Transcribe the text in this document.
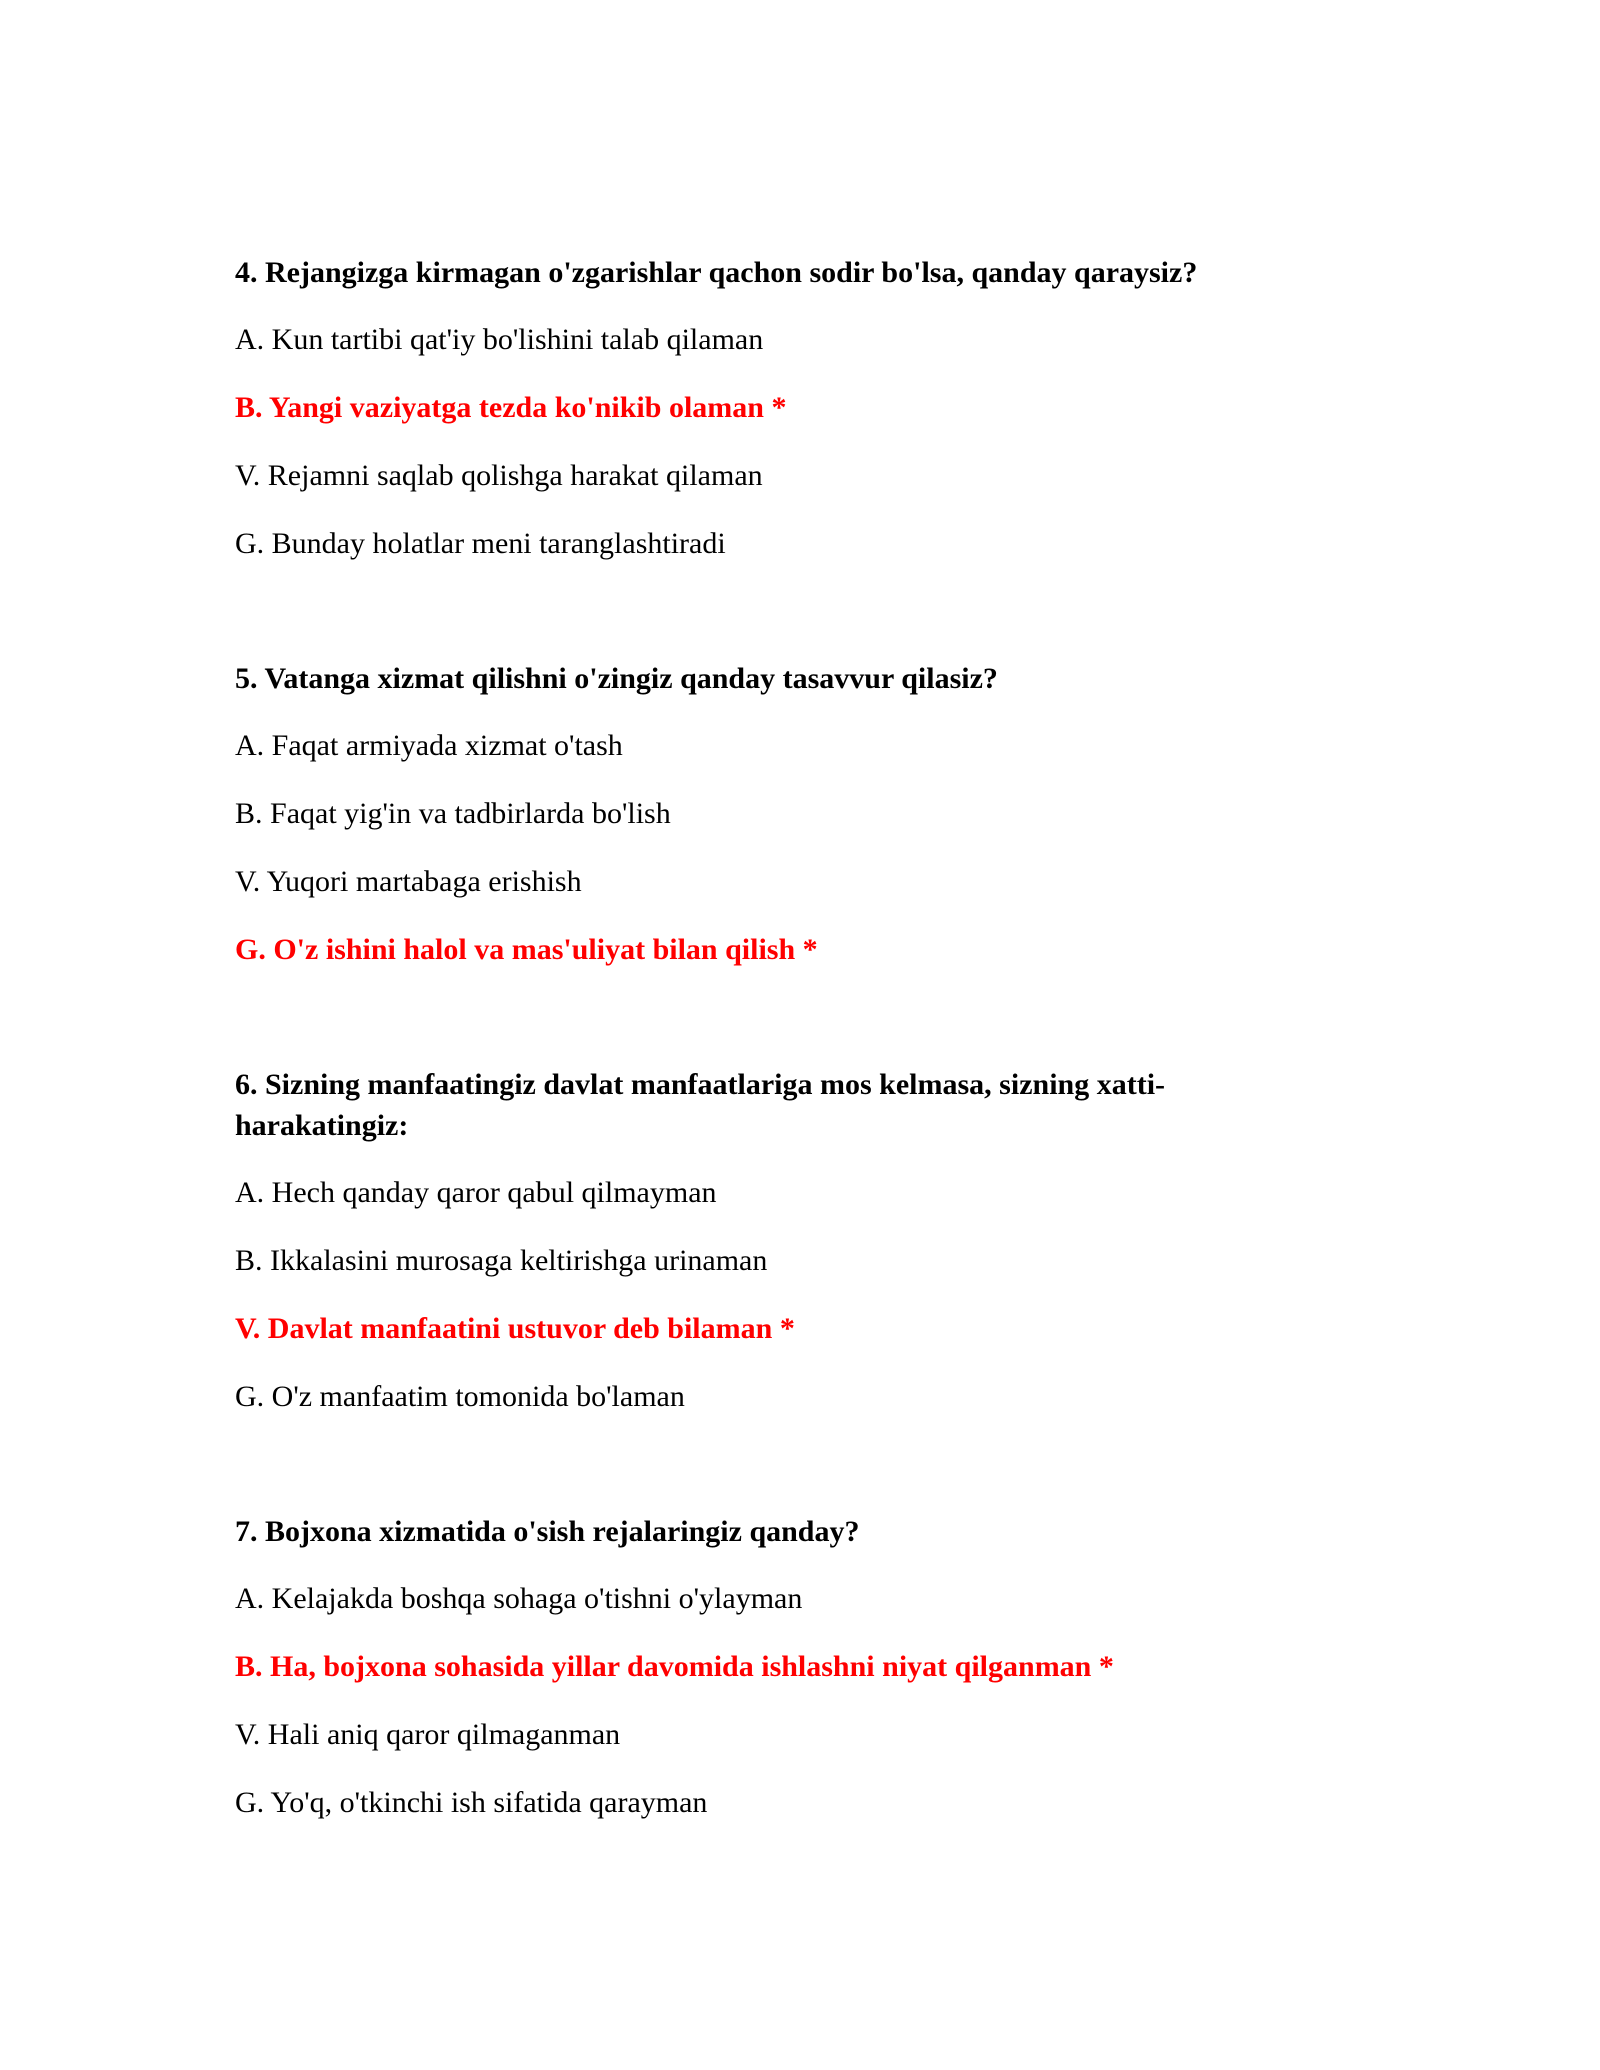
4. Rejangizga kirmagan o'zgarishlar qachon sodir bo'lsa, qanday qaraysiz?
A. Kun tartibi qat'iy bo'lishini talab qilaman
B. Yangi vaziyatga tezda ko'nikib olaman *
V. Rejamni saqlab qolishga harakat qilaman
G. Bunday holatlar meni taranglashtiradi
5. Vatanga xizmat qilishni o'zingiz qanday tasavvur qilasiz?
A. Faqat armiyada xizmat o'tash
B. Faqat yig'in va tadbirlarda bo'lish
V. Yuqori martabaga erishish
G. O'z ishini halol va mas'uliyat bilan qilish *
6. Sizning manfaatingiz davlat manfaatlariga mos kelmasa, sizning xatti-
harakatingiz:
A. Hech qanday qaror qabul qilmayman
B. Ikkalasini murosaga keltirishga urinaman
V. Davlat manfaatini ustuvor deb bilaman *
G. O'z manfaatim tomonida bo'laman
7. Bojxona xizmatida o'sish rejalaringiz qanday?
A. Kelajakda boshqa sohaga o'tishni o'ylayman
B. Ha, bojxona sohasida yillar davomida ishlashni niyat qilganman *
V. Hali aniq qaror qilmaganman
G. Yo'q, o'tkinchi ish sifatida qarayman
